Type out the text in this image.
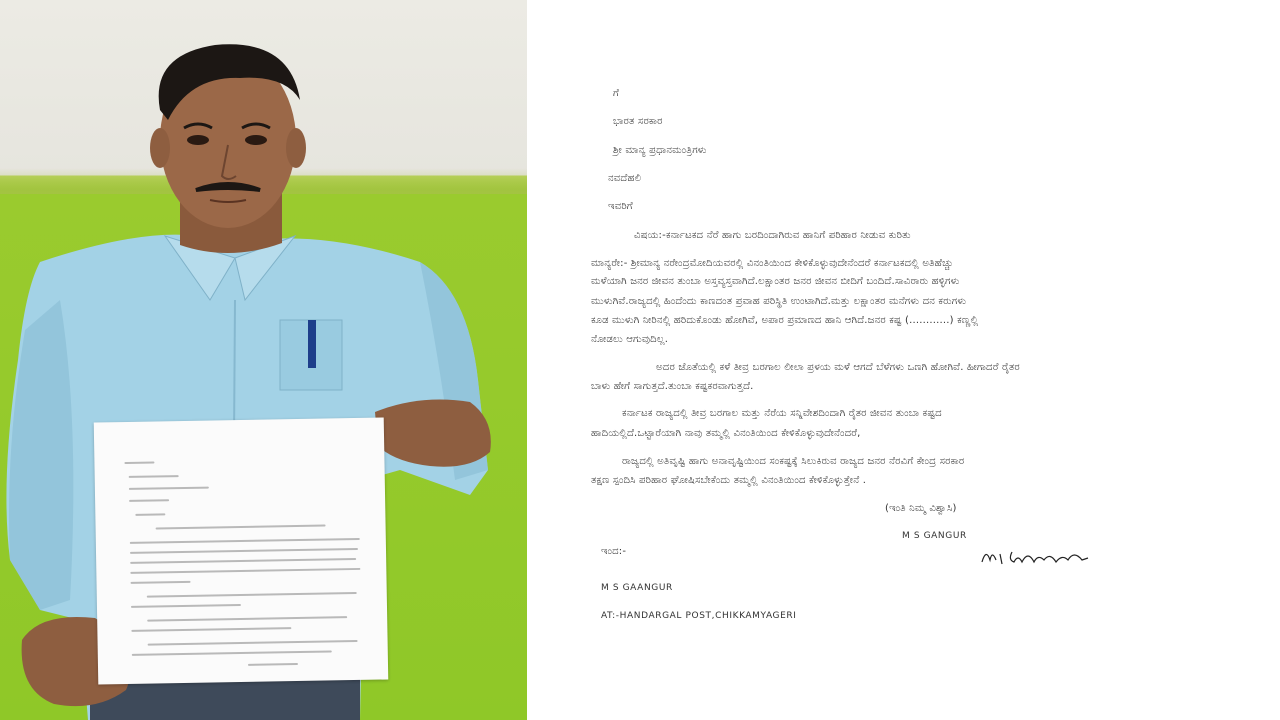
ಗೆ
ಭಾರತ ಸರಕಾರ
ಶ್ರೀ ಮಾನ್ಯ ಪ್ರಧಾನಮಂತ್ರಿಗಳು
ನವದೆಹಲಿ
ಇವರಿಗೆ
ವಿಷಯ:-ಕರ್ನಾಟಕದ ನೆರೆ ಹಾಗು ಬರದಿಂದಾಗಿರುವ ಹಾನಿಗೆ ಪರಿಹಾರ ನೀಡುವ ಕುರಿತು
ಮಾನ್ಯರೇ:- ಶ್ರೀಮಾನ್ಯ ನರೇಂದ್ರಮೋದಿಯವರಲ್ಲಿ ವಿನಂತಿಯಿಂದ ಕೇಳಿಕೊಳ್ಳುವುದೇನೆಂದರೆ ಕರ್ನಾಟಕದಲ್ಲಿ ಅತಿಹೆಚ್ಚು
ಮಳೆಯಾಗಿ ಜನರ ಜೀವನ ತುಂಬಾ ಅಸ್ತವ್ಯಸ್ತವಾಗಿದೆ.ಲಕ್ಷಾಂತರ ಜನರ ಜೀವನ ಬೀದಿಗೆ ಬಂದಿದೆ.ಸಾವಿರಾರು ಹಳ್ಳಿಗಳು
ಮುಳುಗಿವೆ.ರಾಜ್ಯದಲ್ಲಿ ಹಿಂದೆಂದು ಕಾಣದಂತ ಪ್ರವಾಹ ಪರಿಸ್ಥಿತಿ ಉಂಟಾಗಿದೆ.ಮತ್ತು ಲಕ್ಷಾಂತರ ಮನೆಗಳು ದನ ಕರುಗಳು
ಕೂಡ ಮುಳುಗಿ ನೀರಿನಲ್ಲಿ ಹರಿದುಕೊಂಡು ಹೋಗಿವೆ, ಅಪಾರ ಪ್ರಮಾಣದ ಹಾನಿ ಆಗಿದೆ.ಜನರ ಕಷ್ಟ (............) ಕಣ್ಣಲ್ಲಿ
ನೋಡಲು ಆಗುವುದಿಲ್ಲ.
ಅದರ ಜೊತೆಯಲ್ಲಿ ಕಳೆ ತೀವ್ರ ಬರಗಾಲ ಲೀಲಾ ಪ್ರಳಯ ಮಳೆ ಆಗದೆ ಬೆಳೆಗಳು ಒಣಗಿ ಹೋಗಿವೆ. ಹೀಗಾದರೆ ರೈತರ
ಬಾಳು ಹೇಗೆ ಸಾಗುತ್ತದೆ.ತುಂಬಾ ಕಷ್ಟಕರವಾಗುತ್ತದೆ.
ಕರ್ನಾಟಕ ರಾಜ್ಯದಲ್ಲಿ ತೀವ್ರ ಬರಗಾಲ ಮತ್ತು ನೆರೆಯ ಸನ್ನಿವೇಶದಿಂದಾಗಿ ರೈತರ ಜೀವನ ತುಂಬಾ ಕಷ್ಟದ
ಹಾದಿಯಲ್ಲಿದೆ.ಒಟ್ಟಾರೆಯಾಗಿ ನಾವು ತಮ್ಮಲ್ಲಿ ವಿನಂತಿಯಿಂದ ಕೇಳಿಕೊಳ್ಳುವುದೇನೆಂದರೆ,
ರಾಜ್ಯದಲ್ಲಿ ಅತಿವೃಷ್ಟಿ ಹಾಗು ಅನಾವೃಷ್ಟಿಯಿಂದ ಸಂಕಷ್ಟಕ್ಕೆ ಸಿಲುಕಿರುವ ರಾಜ್ಯದ ಜನರ ನೆರವಿಗೆ ಕೇಂದ್ರ ಸರಕಾರ
ತಕ್ಷಣ ಸ್ಪಂದಿಸಿ ಪರಿಹಾರ ಘೋಷಿಸಬೇಕೆಂದು ತಮ್ಮಲ್ಲಿ ವಿನಂತಿಯಿಂದ ಕೇಳಿಕೊಳ್ಳುತ್ತೇನೆ .
(ಇಂತಿ ನಿಮ್ಮ ವಿಶ್ವಾಸಿ)
M S GANGUR
ಇಂದ:-
M S GAANGUR
AT:-HANDARGAL POST,CHIKKAMYAGERI
